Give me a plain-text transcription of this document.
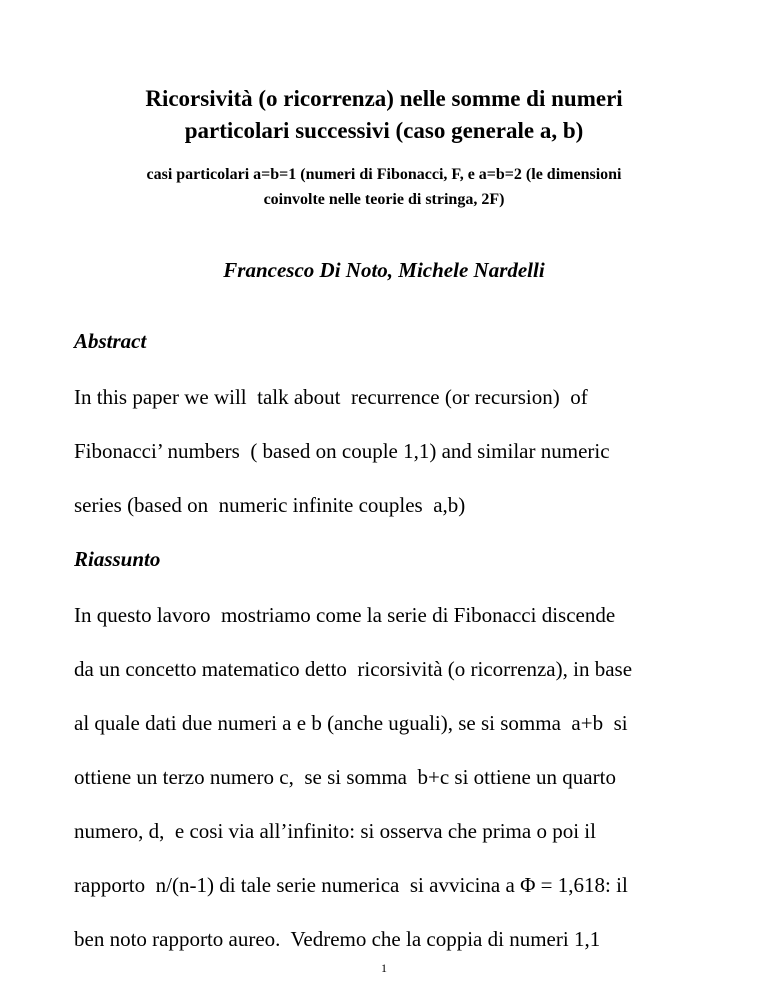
Ricorsività (o ricorrenza) nelle somme di numeri
particolari successivi (caso generale a, b)
casi particolari a=b=1 (numeri di Fibonacci, F, e a=b=2 (le dimensioni
coinvolte nelle teorie di stringa, 2F)
Francesco Di Noto, Michele Nardelli
Abstract
In this paper we will  talk about  recurrence (or recursion)  of
Fibonacci’ numbers  ( based on couple 1,1) and similar numeric
series (based on  numeric infinite couples  a,b)
Riassunto
In questo lavoro  mostriamo come la serie di Fibonacci discende
da un concetto matematico detto  ricorsività (o ricorrenza), in base
al quale dati due numeri a e b (anche uguali), se si somma  a+b  si
ottiene un terzo numero c,  se si somma  b+c si ottiene un quarto
numero, d,  e cosi via all’infinito: si osserva che prima o poi il
rapporto  n/(n-1) di tale serie numerica  si avvicina a Φ = 1,618: il
ben noto rapporto aureo.  Vedremo che la coppia di numeri 1,1
1
